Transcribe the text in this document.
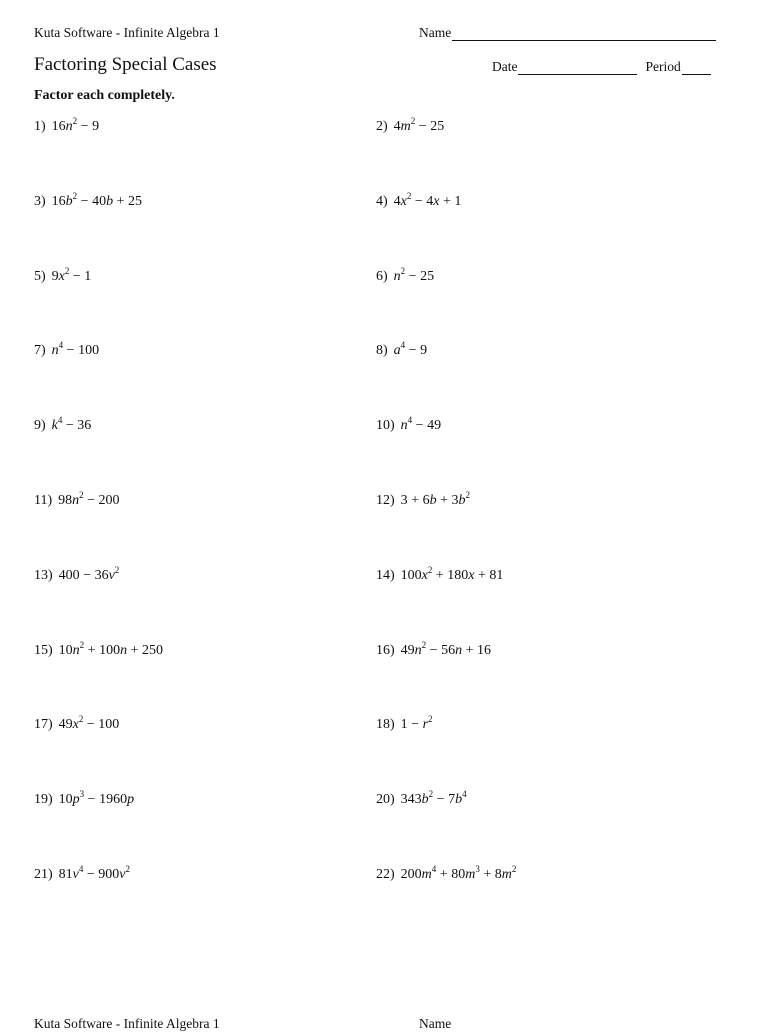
Kuta Software - Infinite Algebra 1	Name
Factoring Special Cases	Date	Period
Factor each completely.
1) $16n^2 - 9$	2) $4m^2 - 25$
3) $16b^2 - 40b + 25$	4) $4x^2 - 4x + 1$
5) $9x^2 - 1$	6) $n^2 - 25$
7) $n^4 - 100$	8) $a^4 - 9$
9) $k^4 - 36$	10) $n^4 - 49$
11) $98n^2 - 200$	12) $3 + 6b + 3b^2$
13) $400 - 36v^2$	14) $100x^2 + 180x + 81$
15) $10n^2 + 100n + 250$	16) $49n^2 - 56n + 16$
17) $49x^2 - 100$	18) $1 - r^2$
19) $10p^3 - 1960p$	20) $343b^2 - 7b^4$
21) $81v^4 - 900v^2$	22) $200m^4 + 80m^3 + 8m^2$
Kuta Software - Infinite Algebra 1	Name
